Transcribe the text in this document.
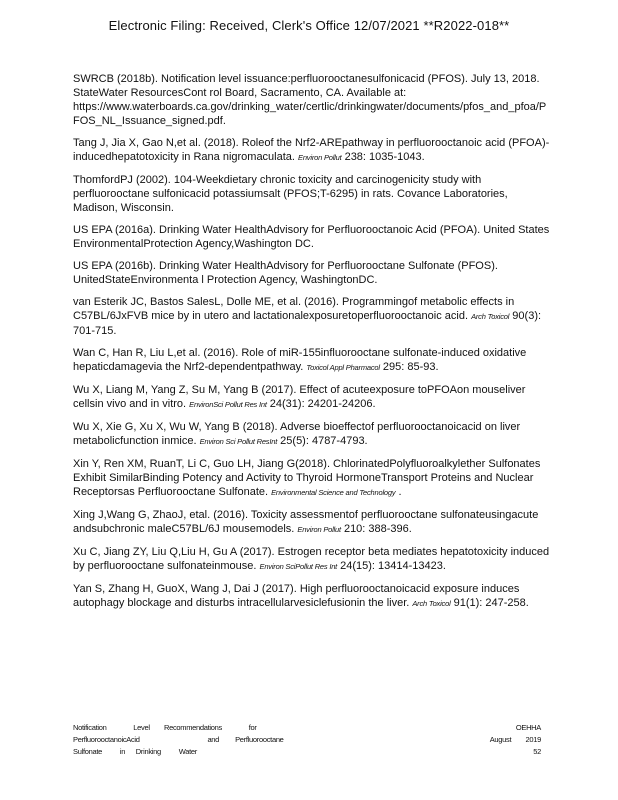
Electronic Filing: Received, Clerk's Office 12/07/2021 **R2022-018**

SWRCB (2018b). Notification level issuance:perfluorooctanesulfonicacid (PFOS). July 13, 2018. StateWater ResourcesCont rol Board, Sacramento, CA. Available at: https://www.waterboards.ca.gov/drinking_water/certlic/drinkingwater/documents/pfos_and_pfoa/PFOS_NL_Issuance_signed.pdf.

Tang J, Jia X, Gao N,et al. (2018). Roleof the Nrf2-AREpathway in perfluorooctanoic acid (PFOA)-inducedhepatotoxicity in Rana nigromaculata. Environ Pollut 238: 1035-1043.

ThomfordPJ (2002). 104-Weekdietary chronic toxicity and carcinogenicity study with perfluorooctane sulfonicacid potassiumsalt (PFOS;T-6295) in rats. Covance Laboratories, Madison, Wisconsin.

US EPA (2016a). Drinking Water HealthAdvisory for Perfluorooctanoic Acid (PFOA). United States EnvironmentalProtection Agency,Washington DC.

US EPA (2016b). Drinking Water HealthAdvisory for Perfluorooctane Sulfonate (PFOS). UnitedStateEnvironmenta l Protection Agency, WashingtonDC.

van Esterik JC, Bastos SalesL, Dolle ME, et al. (2016). Programmingof metabolic effects in C57BL/6JxFVB mice by in utero and lactationalexposuretoperfluorooctanoic acid. Arch Toxicol 90(3): 701-715.

Wan C, Han R, Liu L,et al. (2016). Role of miR-155influorooctane sulfonate-induced oxidative hepaticdamagevia the Nrf2-dependentpathway. Toxicol Appl Pharmacol 295: 85-93.

Wu X, Liang M, Yang Z, Su M, Yang B (2017). Effect of acuteexposure toPFOAon mouseliver cellsin vivo and in vitro. EnvironSci Pollut Res Int 24(31): 24201-24206.

Wu X, Xie G, Xu X, Wu W, Yang B (2018). Adverse bioeffectof perfluorooctanoicacid on liver metabolicfunction inmice. Environ Sci Pollut ResInt 25(5): 4787-4793.

Xin Y, Ren XM, RuanT, Li C, Guo LH, Jiang G(2018). ChlorinatedPolyfluoroalkylether Sulfonates Exhibit SimilarBinding Potency and Activity to Thyroid HormoneTransport Proteins and Nuclear Receptorsas Perfluorooctane Sulfonate. Environmental Science and Technology .

Xing J,Wang G, ZhaoJ, etal. (2016). Toxicity assessmentof perfluorooctane sulfonateusingacute andsubchronic maleC57BL/6J mousemodels. Environ Pollut 210: 388-396.

Xu C, Jiang ZY, Liu Q,Liu H, Gu A (2017). Estrogen receptor beta mediates hepatotoxicity induced by perfluorooctane sulfonateinmouse. Environ SciPollut Res Int 24(15): 13414-13423.

Yan S, Zhang H, GuoX, Wang J, Dai J (2017). High perfluorooctanoicacid exposure induces autophagy blockage and disturbs intracellularvesiclefusionin the liver. Arch Toxicol 91(1): 247-258.

Notification               Level        Recommendations               for
PerfluorooctanoicAcid                                      and         Perfluorooctane
Sulfonate          in      Drinking          Water
OEHHA
August        2019
52
